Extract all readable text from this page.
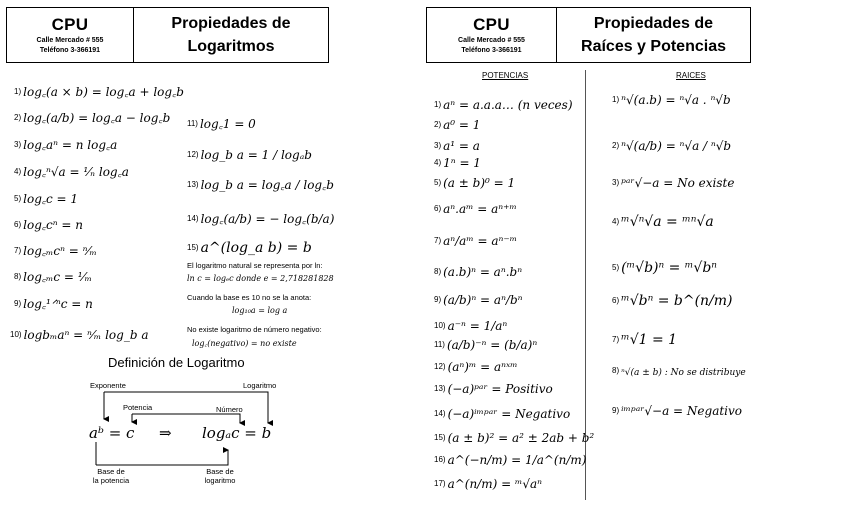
CPU
Calle Mercado # 555
Teléfono 3-366191
Propiedades de
Logaritmos
CPU
Calle Mercado # 555
Teléfono 3-366191
Propiedades de
Raíces y Potencias
1) log꜀(a × b) = log꜀a + log꜀b
2) log꜀(a/b) = log꜀a − log꜀b
3) log꜀aⁿ = n log꜀a
4) log꜀ⁿ√a = ¹⁄ₙ log꜀a
5) log꜀c = 1
6) log꜀cⁿ = n
7) log꜀ₘcⁿ = ⁿ⁄ₘ
8) log꜀ₘc = ¹⁄ₘ
9) log꜀¹ᐟⁿc = n
10) logbₘaⁿ = ⁿ⁄ₘ log_b a
11) log꜀1 = 0
12) log_b a = 1 / logₐb
13) log_b a = log꜀a / log꜀b
14) log꜀(a/b) = − log꜀(b/a)
15) a^(log_a b) = b
El logaritmo natural se representa por ln:
ln c = logₑc donde e = 2,718281828
Cuando la base es 10 no se la anota:
log₁₀a = log a
No existe logaritmo de número negativo:
log꜀(negativo) = no existe
Definición de Logaritmo
Exponente	Logaritmo
Potencia	Número
aᵇ = c ⇒ logₐc = b
Base de
la potencia
Base de
logaritmo
POTENCIAS	RAICES
1) aⁿ = a.a.a… (n veces)
2) a⁰ = 1
3) a¹ = a
4) 1ⁿ = 1
5) (a ± b)⁰ = 1
6) aⁿ.aᵐ = aⁿ⁺ᵐ
7) aⁿ/aᵐ = aⁿ⁻ᵐ
8) (a.b)ⁿ = aⁿ.bⁿ
9) (a/b)ⁿ = aⁿ/bⁿ
10) a⁻ⁿ = 1/aⁿ
11) (a/b)⁻ⁿ = (b/a)ⁿ
12) (aⁿ)ᵐ = aⁿˣᵐ
13) (−a)ᵖᵃʳ = Positivo
14) (−a)ⁱᵐᵖᵃʳ = Negativo
15) (a ± b)² = a² ± 2ab + b²
16) a^(−n/m) = 1/a^(n/m)
17) a^(n/m) = ᵐ√aⁿ
1) ⁿ√(a.b) = ⁿ√a . ⁿ√b
2) ⁿ√(a/b) = ⁿ√a / ⁿ√b
3) ᵖᵃʳ√−a = No existe
4) ᵐ√ⁿ√a = ᵐⁿ√a
5) (ᵐ√b)ⁿ = ᵐ√bⁿ
6) ᵐ√bⁿ = b^(n/m)
7) ᵐ√1 = 1
8) ⁿ√(a ± b) : No se distribuye
9) ⁱᵐᵖᵃʳ√−a = Negativo
